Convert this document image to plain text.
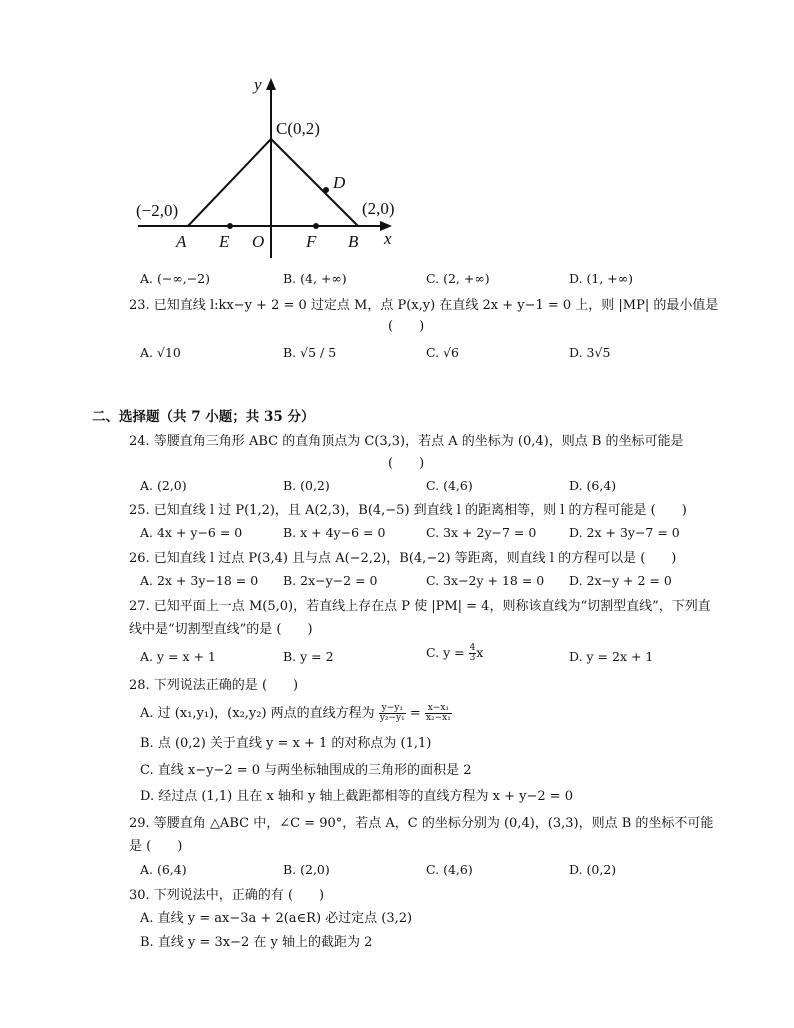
y
x
C(0,2)
D
(−2,0)	(2,0)
A E O F B
A. (−∞,−2)	B. (4, +∞)	C. (2, +∞)	D. (1, +∞)
23. 已知直线 l:kx−y + 2 = 0 过定点 M，点 P(x,y) 在直线 2x + y−1 = 0 上，则 |MP| 的最小值是
(　　)
A. √10	B. √5 / 5	C. √6	D. 3√5
二、选择题（共 7 小题；共 35 分）
24. 等腰直角三角形 ABC 的直角顶点为 C(3,3)，若点 A 的坐标为 (0,4)，则点 B 的坐标可能是
(　　)
A. (2,0)	B. (0,2)	C. (4,6)	D. (6,4)
25. 已知直线 l 过 P(1,2)，且 A(2,3)，B(4,−5) 到直线 l 的距离相等，则 l 的方程可能是 (　　)
A. 4x + y−6 = 0	B. x + 4y−6 = 0	C. 3x + 2y−7 = 0	D. 2x + 3y−7 = 0
26. 已知直线 l 过点 P(3,4) 且与点 A(−2,2)，B(4,−2) 等距离，则直线 l 的方程可以是 (　　)
A. 2x + 3y−18 = 0 B. 2x−y−2 = 0	C. 3x−2y + 18 = 0 D. 2x−y + 2 = 0
27. 已知平面上一点 M(5,0)，若直线上存在点 P 使 |PM| = 4，则称该直线为“切割型直线”，下列直
线中是“切割型直线”的是 (　　)
A. y = x + 1	B. y = 2	C. $y = \frac{4}{3}$ x	D. y = 2x + 1
28. 下列说法正确的是 (　　)
A. 过 (x₁,y₁)，(x₂,y₂) 两点的直线方程为 $\frac{\text{y−y₁}}{\text{y₂−y₁}} = \frac{\text{x−x₁}}{\text{x₂−x₁}}$
B. 点 (0,2) 关于直线 y = x + 1 的对称点为 (1,1)
C. 直线 x−y−2 = 0 与两坐标轴围成的三角形的面积是 2
D. 经过点 (1,1) 且在 x 轴和 y 轴上截距都相等的直线方程为 x + y−2 = 0
29. 等腰直角 △ABC 中，∠C = 90°，若点 A，C 的坐标分别为 (0,4)，(3,3)，则点 B 的坐标不可能
是 (　　)
A. (6,4)	B. (2,0)	C. (4,6)	D. (0,2)
30. 下列说法中，正确的有 (　　)
A. 直线 y = ax−3a + 2(a∈R) 必过定点 (3,2)
B. 直线 y = 3x−2 在 y 轴上的截距为 2
